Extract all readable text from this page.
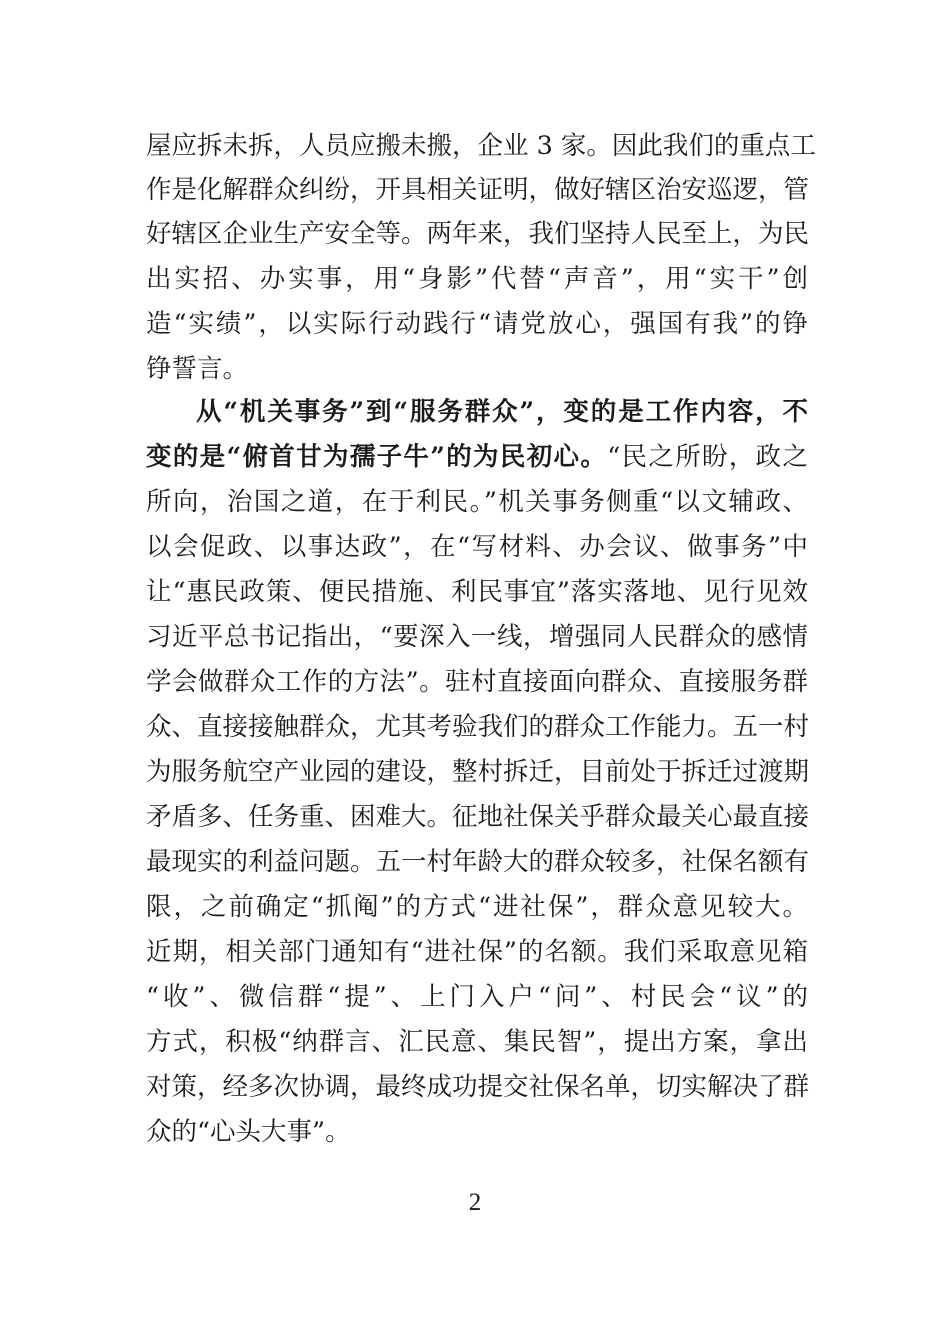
屋应拆未拆，人员应搬未搬，企业 3 家。因此我们的重点工
作是化解群众纠纷，开具相关证明，做好辖区治安巡逻，管
好辖区企业生产安全等。两年来，我们坚持人民至上，为民
出实招、办实事，用“身影”代替“声音”，用“实干”创
造“实绩”，以实际行动践行“请党放心，强国有我”的铮
铮誓言。
从“机关事务”到“服务群众”，变的是工作内容，不
变的是“俯首甘为孺子牛”的为民初心。“民之所盼，政之
所向，治国之道，在于利民。”机关事务侧重“以文辅政、
以会促政、以事达政”，在“写材料、办会议、做事务”中
让“惠民政策、便民措施、利民事宜”落实落地、见行见效
习近平总书记指出，“要深入一线，增强同人民群众的感情
学会做群众工作的方法”。驻村直接面向群众、直接服务群
众、直接接触群众，尤其考验我们的群众工作能力。五一村
为服务航空产业园的建设，整村拆迁，目前处于拆迁过渡期
矛盾多、任务重、困难大。征地社保关乎群众最关心最直接
最现实的利益问题。五一村年龄大的群众较多，社保名额有
限，之前确定“抓阄”的方式“进社保”，群众意见较大。
近期，相关部门通知有“进社保”的名额。我们采取意见箱
“收”、微信群“提”、上门入户“问”、村民会“议”的
方式，积极“纳群言、汇民意、集民智”，提出方案，拿出
对策，经多次协调，最终成功提交社保名单，切实解决了群
众的“心头大事”。
2
